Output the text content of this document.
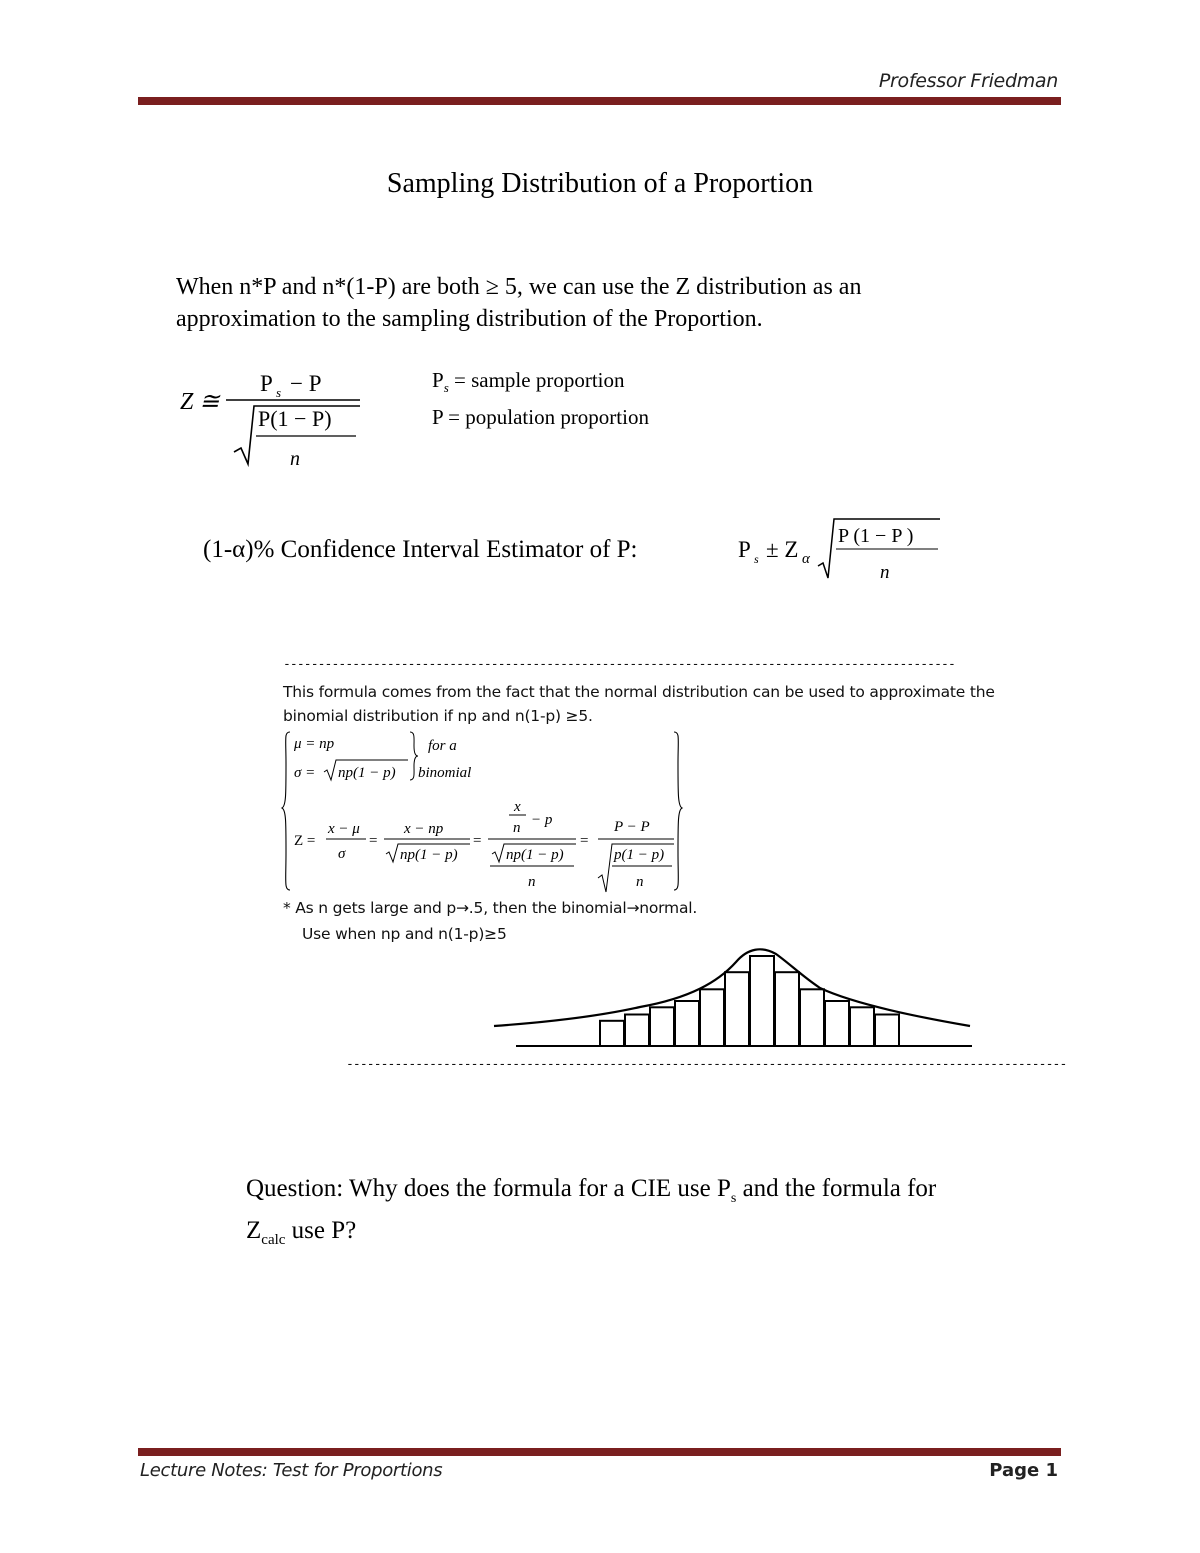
Professor Friedman
Sampling Distribution of a Proportion
When n*P and n*(1-P) are both ≥ 5, we can use the Z distribution as an
approximation to the sampling distribution of the Proportion.
Z ≅
P s − P
P(1 − P)
n
$P_s$ = sample proportion
P = population proportion
(1-α)% Confidence Interval Estimator of P:	P s ± Z α
P (1 − P )
n
-------------------------------------------------------------------------------------------------
This formula comes from the fact that the normal distribution can be used to approximate the
binomial distribution if np and n(1-p) ≥5.
μ = np
σ = np(1 − p)
for a
binomial
Z =
x − μ
σ
=
x − np
np(1 − p)
=
x
n − p
np(1 − p)
n
=
P − P
p(1 − p)
n
* As n gets large and p→.5, then the binomial→normal.
Use when np and n(1-p)≥5
--------------------------------------------------------------------------------------------------------
Question: Why does the formula for a CIE use $P_s$ and the formula for
$Z_{calc}$ use P?
Lecture Notes: Test for Proportions	Page 1
